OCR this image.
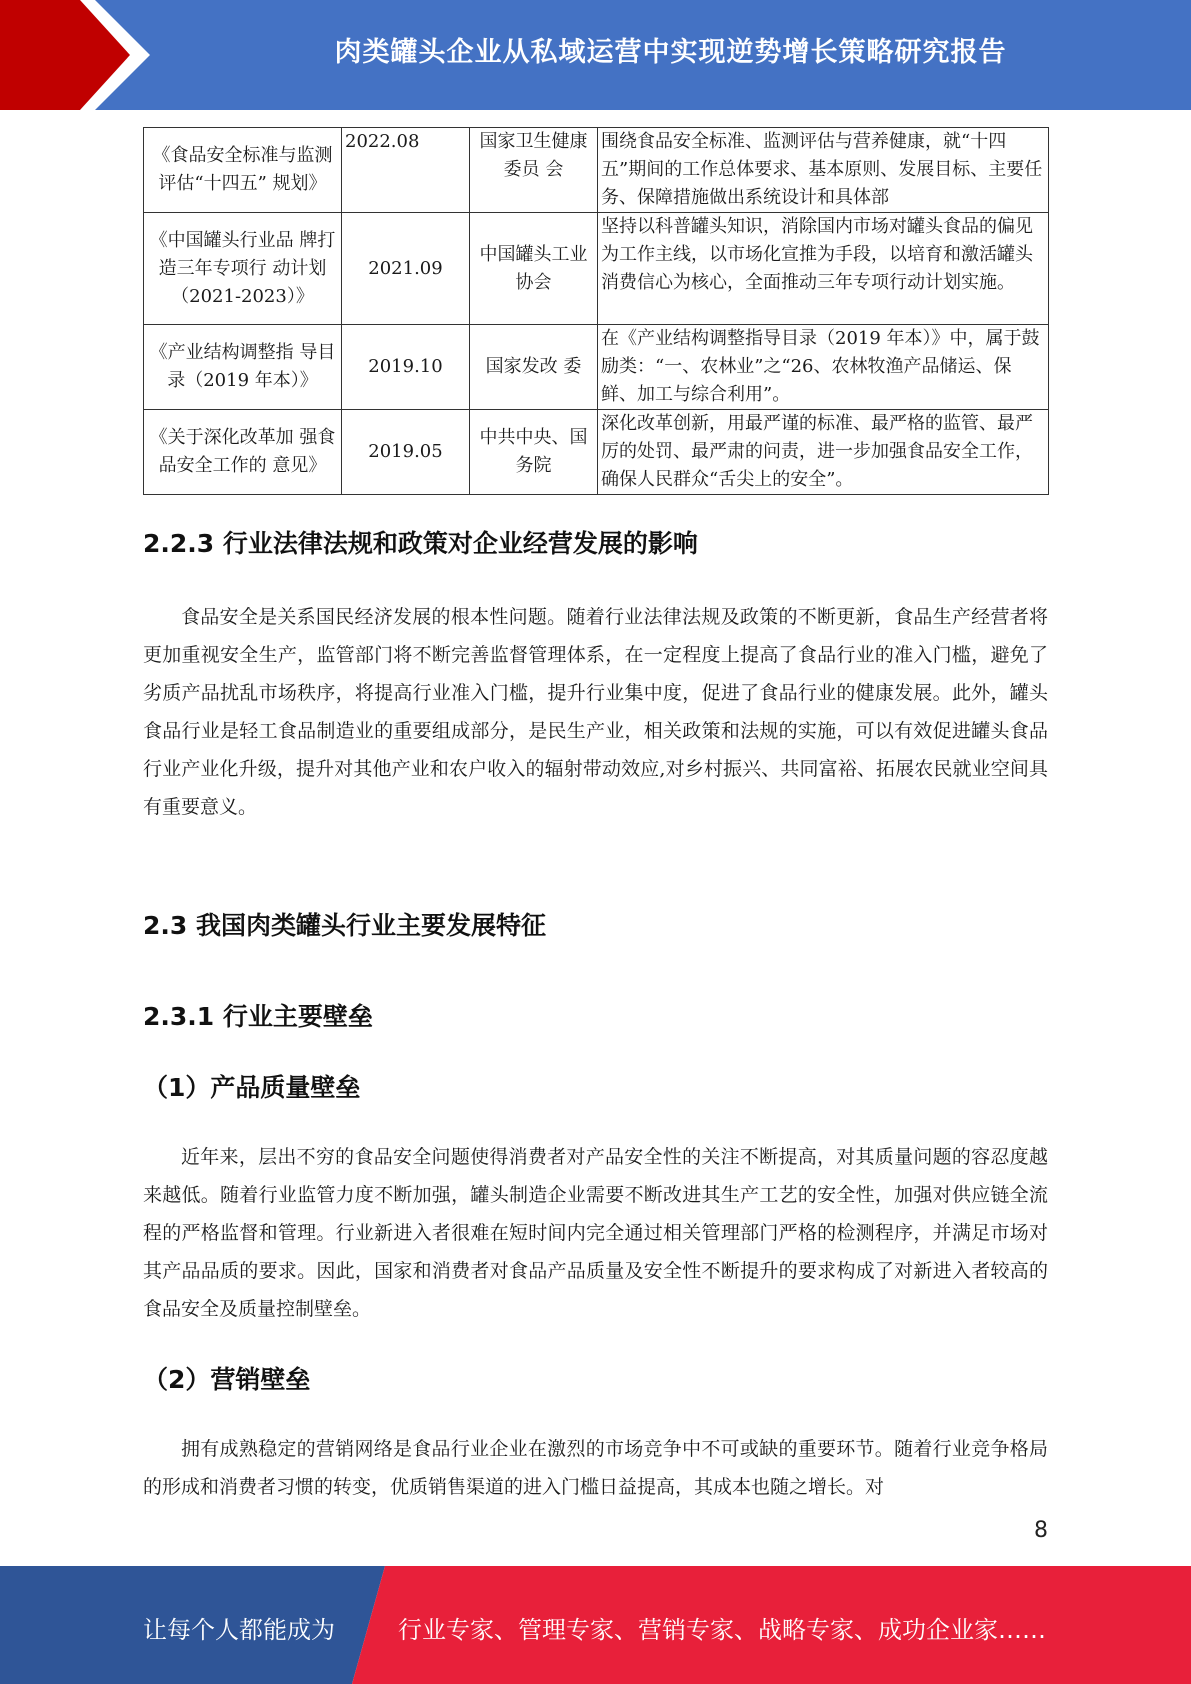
肉类罐头企业从私域运营中实现逆势增长策略研究报告
《食品安全标准与监测评估“十四五” 规划》	2022.08	国家卫生健康委员 会	围绕食品安全标准、监测评估与营养健康，就“十四五”期间的工作总体要求、基本原则、发展目标、主要任务、保障措施做出系统设计和具体部
《中国罐头行业品 牌打造三年专项行 动计划（2021-2023）》	2021.09	中国罐头工业协会	坚持以科普罐头知识，消除国内市场对罐头食品的偏见为工作主线，以市场化宣推为手段，以培育和激活罐头消费信心为核心，全面推动三年专项行动计划实施。
《产业结构调整指 导目录（2019 年本）》	2019.10	国家发改 委	在《产业结构调整指导目录（2019 年本）》中，属于鼓励类：“一、农林业”之“26、农林牧渔产品储运、保鲜、加工与综合利用”。
《关于深化改革加 强食品安全工作的 意见》	2019.05	中共中央、国务院	深化改革创新，用最严谨的标准、最严格的监管、最严厉的处罚、最严肃的问责，进一步加强食品安全工作，确保人民群众“舌尖上的安全”。
2.2.3 行业法律法规和政策对企业经营发展的影响

食品安全是关系国民经济发展的根本性问题。随着行业法律法规及政策的不断更新，食品生产经营者将更加重视安全生产，监管部门将不断完善监督管理体系，在一定程度上提高了食品行业的准入门槛，避免了劣质产品扰乱市场秩序，将提高行业准入门槛，提升行业集中度，促进了食品行业的健康发展。此外，罐头食品行业是轻工食品制造业的重要组成部分，是民生产业，相关政策和法规的实施，可以有效促进罐头食品行业产业化升级，提升对其他产业和农户收入的辐射带动效应,对乡村振兴、共同富裕、拓展农民就业空间具有重要意义。

2.3 我国肉类罐头行业主要发展特征
2.3.1 行业主要壁垒
（1）产品质量壁垒

近年来，层出不穷的食品安全问题使得消费者对产品安全性的关注不断提高，对其质量问题的容忍度越来越低。随着行业监管力度不断加强，罐头制造企业需要不断改进其生产工艺的安全性，加强对供应链全流程的严格监督和管理。行业新进入者很难在短时间内完全通过相关管理部门严格的检测程序，并满足市场对其产品品质的要求。因此，国家和消费者对食品产品质量及安全性不断提升的要求构成了对新进入者较高的食品安全及质量控制壁垒。

（2）营销壁垒

拥有成熟稳定的营销网络是食品行业企业在激烈的市场竞争中不可或缺的重要环节。随着行业竞争格局的形成和消费者习惯的转变，优质销售渠道的进入门槛日益提高，其成本也随之增长。对

8
让每个人都能成为	行业专家、管理专家、营销专家、战略专家、成功企业家……
